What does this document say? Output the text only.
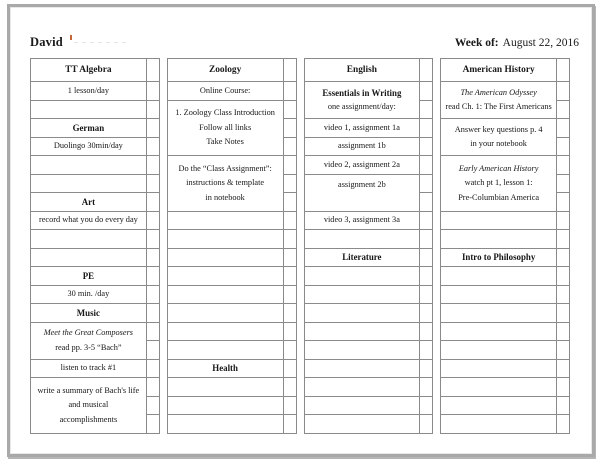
David – – – – – – –	Week of: August 22, 2016
TT Algebra
1 lesson/day
German
Duolingo 30min/day
Art
record what you do every day
PE
30 min. /day
Music
Meet the Great Composers
read pp. 3-5 “Bach”
listen to track #1
write a summary of Bach's life
and musical
accomplishments
Zoology
Online Course:
1. Zoology Class Introduction
Follow all links
Take Notes
Do the “Class Assignment”:
instructions & template
in notebook
Health
English
Essentials in Writing
one assignment/day:
video 1, assignment 1a
assignment 1b
video 2, assignment 2a
assignment 2b
video 3, assignment 3a
Literature
American History
The American Odyssey
read Ch. 1: The First Americans
Answer key questions p. 4
in your notebook
Early American History
watch pt 1, lesson 1:
Pre-Columbian America
Intro to Philosophy
